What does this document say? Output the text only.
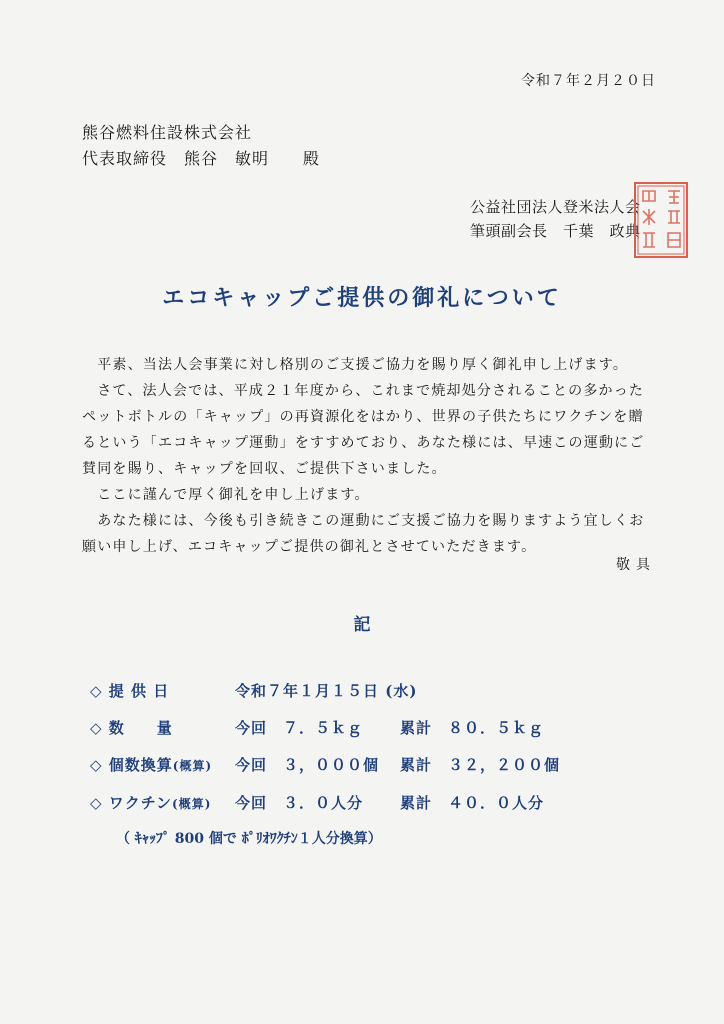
令和７年２月２０日
熊谷燃料住設株式会社
代表取締役　熊谷　敏明　　殿
公益社団法人登米法人会
筆頭副会長　千葉　政典
エコキャップご提供の御礼について
　平素、当法人会事業に対し格別のご支援ご協力を賜り厚く御礼申し上げます。
　さて、法人会では、平成２１年度から、これまで焼却処分されることの多かった
ペットボトルの「キャップ」の再資源化をはかり、世界の子供たちにワクチンを贈
るという「エコキャップ運動」をすすめており、あなた様には、早速この運動にご
賛同を賜り、キャップを回収、ご提供下さいました。
　ここに謹んで厚く御礼を申し上げます。
　あなた様には、今後も引き続きこの運動にご支援ご協力を賜りますよう宜しくお
願い申し上げ、エコキャップご提供の御礼とさせていただきます。
敬具
記
◇ 提 供 日	令和７年１月１５日 (水)
◇ 数　　量	今回　７．５ｋｇ 累計　８０．５ｋｇ
◇ 個数換算(概算) 今回　３，０００個 累計　３２，２００個
◇ ワクチン(概算) 今回　３．０人分 累計　４０．０人分
（ ｷｬｯﾌﾟ 800 個で ﾎﾟﾘｵﾜｸﾁﾝ１人分換算）
